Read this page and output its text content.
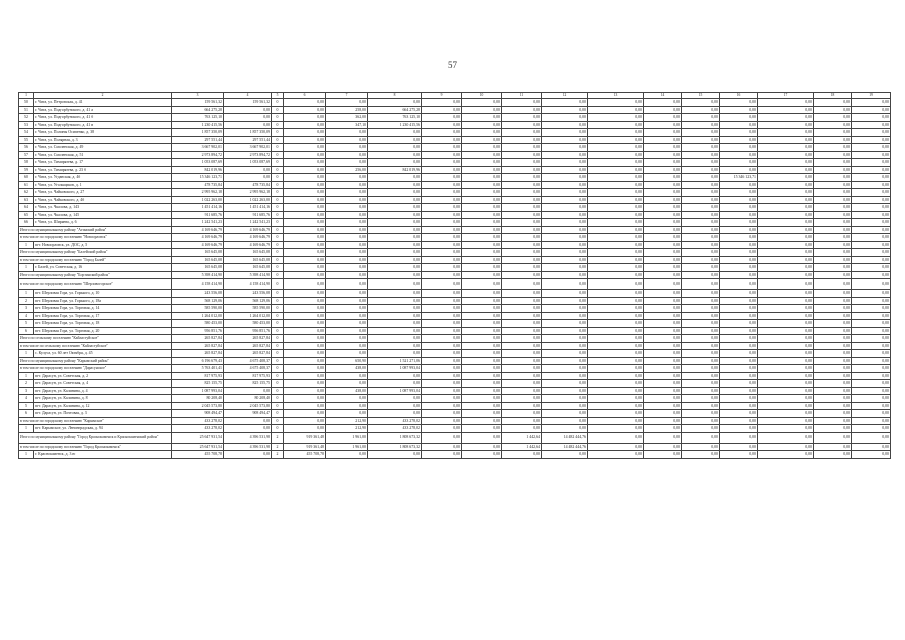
57
1	2	3	4	5	6	7	8	9	10	11	12	13	14	15	16	17	18	19
50	г. Чита, ул. Петровская, д. 41	159 561,32	159 561,32	0	0,00	0,00	0,00	0,00	0,00	0,00	0,00	0,00	0,00	0,00	0,00	0,00	0,00	0,00
51	г. Чита, ул. Подгорбунского, д. 41 а	664 275,28	0,00	0	0,00	258,00	664 275,28	0,00	0,00	0,00	0,00	0,00	0,00	0,00	0,00	0,00	0,00	0,00
52	г. Чита, ул. Подгорбунского, д. 41 б	763 125,10	0,00	0	0,00	362,00	763 125,10	0,00	0,00	0,00	0,00	0,00	0,00	0,00	0,00	0,00	0,00	0,00
53	г. Чита, ул. Подгорбунского, д. 41 в	1 230 415,56	0,00	0	0,00	347,10	1 230 415,56	0,00	0,00	0,00	0,00	0,00	0,00	0,00	0,00	0,00	0,00	0,00
54	г. Чита, ул. Полины Осипенко, д. 38	1 857 350,09	1 857 350,09	0	0,00	0,00	0,00	0,00	0,00	0,00	0,00	0,00	0,00	0,00	0,00	0,00	0,00	0,00
55	г. Чита, ул. Полярная, д. 3	297 551,44	297 551,44	0	0,00	0,00	0,00	0,00	0,00	0,00	0,00	0,00	0,00	0,00	0,00	0,00	0,00	0,00
56	г. Чита, ул. Смоленская, д. 49	3 667 902,01	3 667 902,01	0	0,00	0,00	0,00	0,00	0,00	0,00	0,00	0,00	0,00	0,00	0,00	0,00	0,00	0,00
57	г. Чита, ул. Смоленская, д. 51	2 973 894,72	2 973 894,72	0	0,00	0,00	0,00	0,00	0,00	0,00	0,00	0,00	0,00	0,00	0,00	0,00	0,00	0,00
58	г. Чита, ул. Тимирязева, д. 17	1 053 087,69	1 053 087,69	0	0,00	0,00	0,00	0,00	0,00	0,00	0,00	0,00	0,00	0,00	0,00	0,00	0,00	0,00
59	г. Чита, ул. Тимирязева, д. 23 б	842 019,96	0,00	0	0,00	256,00	842 019,96	0,00	0,00	0,00	0,00	0,00	0,00	0,00	0,00	0,00	0,00	0,00
60	г. Чита, ул. Угданская, д. 4б	15 346 123,71	0,00	0	0,00	0,00	0,00	0,00	0,00	0,00	0,00	0,00	0,00	0,00	15 346 123,71	0,00	0,00	0,00
61	г. Чита, ул. Угольщиков, д. 1	478 735,84	478 735,84	0	0,00	0,00	0,00	0,00	0,00	0,00	0,00	0,00	0,00	0,00	0,00	0,00	0,00	0,00
62	г. Чита, ул. Чайковского, д. 27	2 995 962,18	2 995 962,18	0	0,00	0,00	0,00	0,00	0,00	0,00	0,00	0,00	0,00	0,00	0,00	0,00	0,00	0,00
63	г. Чита, ул. Чайковского, д. 4б	1 022 263,00	1 022 263,00	0	0,00	0,00	0,00	0,00	0,00	0,00	0,00	0,00	0,00	0,00	0,00	0,00	0,00	0,00
64	г. Чита, ул. Чкалова, д. 143	1 451 414,16	1 451 414,16	0	0,00	0,00	0,00	0,00	0,00	0,00	0,00	0,00	0,00	0,00	0,00	0,00	0,00	0,00
65	г. Чита, ул. Чкалова, д. 145	911 685,76	911 685,76	0	0,00	0,00	0,00	0,00	0,00	0,00	0,00	0,00	0,00	0,00	0,00	0,00	0,00	0,00
66	г. Чита, ул. Ширяева, д. 6	1 242 541,23	1 242 541,23	0	0,00	0,00	0,00	0,00	0,00	0,00	0,00	0,00	0,00	0,00	0,00	0,00	0,00	0,00
Итого по муниципальному району "Агинский район"		4 169 646,79	4 169 646,79	0	0,00	0,00	0,00	0,00	0,00	0,00	0,00	0,00	0,00	0,00	0,00	0,00	0,00	0,00
в том числе по городскому поселению "Новоорловск"		4 169 646,79	4 169 646,79	0	0,00	0,00	0,00	0,00	0,00	0,00	0,00	0,00	0,00	0,00	0,00	0,00	0,00	0,00
1	пгт. Новоорловск, ул. ДОС, д. 5	4 169 646,79	4 169 646,79	0	0,00	0,00	0,00	0,00	0,00	0,00	0,00	0,00	0,00	0,00	0,00	0,00	0,00	0,00
Итого по муниципальному району "Балейский район"		165 645,08	165 645,08	0	0,00	0,00	0,00	0,00	0,00	0,00	0,00	0,00	0,00	0,00	0,00	0,00	0,00	0,00
в том числе по городскому поселению "Город Балей"		165 645,08	165 645,08	0	0,00	0,00	0,00	0,00	0,00	0,00	0,00	0,00	0,00	0,00	0,00	0,00	0,00	0,00
1	г. Балей, ул. Советская, д. 16	165 645,08	165 645,08	0	0,00	0,00	0,00	0,00	0,00	0,00	0,00	0,00	0,00	0,00	0,00	0,00	0,00	0,00
Итого по муниципальному району "Борзинский район"		5 398 414,90	5 398 414,90	0	0,00	0,00	0,00	0,00	0,00	0,00	0,00	0,00	0,00	0,00	0,00	0,00	0,00	0,00
в том числе по городскому поселению "Шерловогорское"		4 158 414,90	4 158 414,90	0	0,00	0,00	0,00	0,00	0,00	0,00	0,00	0,00	0,00	0,00	0,00	0,00	0,00	0,00
1	пгт. Шерловая Гора, ул. Горького, д. 10	243 556,08	243 556,08	0	0,00	0,00	0,00	0,00	0,00	0,00	0,00	0,00	0,00	0,00	0,00	0,00	0,00	0,00
2	пгт. Шерловая Гора, ул. Горького, д. 18а	568 129,06	568 129,06	0	0,00	0,00	0,00	0,00	0,00	0,00	0,00	0,00	0,00	0,00	0,00	0,00	0,00	0,00
3	пгт. Шерловая Гора, ул. Торговая, д. 14	585 590,00	585 590,00	0	0,00	0,00	0,00	0,00	0,00	0,00	0,00	0,00	0,00	0,00	0,00	0,00	0,00	0,00
4	пгт. Шерловая Гора, ул. Торговая, д. 17	1 264 012,00	1 264 012,00	0	0,00	0,00	0,00	0,00	0,00	0,00	0,00	0,00	0,00	0,00	0,00	0,00	0,00	0,00
5	пгт. Шерловая Гора, ул. Торговая, д. 18	580 453,00	580 453,00	0	0,00	0,00	0,00	0,00	0,00	0,00	0,00	0,00	0,00	0,00	0,00	0,00	0,00	0,00
6	пгт. Шерловая Гора, ул. Торговая, д. 20	956 851,76	956 851,76	0	0,00	0,00	0,00	0,00	0,00	0,00	0,00	0,00	0,00	0,00	0,00	0,00	0,00	0,00
Итого по сельскому поселению "Кайластуйское"		265 827,84	265 827,84	0	0,00	0,00	0,00	0,00	0,00	0,00	0,00	0,00	0,00	0,00	0,00	0,00	0,00	0,00
в том числе по сельскому поселению "Кайластуйское"		265 827,84	265 827,84	0	0,00	0,00	0,00	0,00	0,00	0,00	0,00	0,00	0,00	0,00	0,00	0,00	0,00	0,00
1	с. Кулуса, ул. 60 лет Октября, д. 45	265 827,84	265 827,84	0	0,00	0,00	0,00	0,00	0,00	0,00	0,00	0,00	0,00	0,00	0,00	0,00	0,00	0,00
Итого по муниципальному району "Карымский район"		6 196 679,43	4 675 408,37	0	0,00	650,90	1 521 271,06	0,00	0,00	0,00	0,00	0,00	0,00	0,00	0,00	0,00	0,00	0,00
в том числе по городскому поселению "Дарасунское"		5 763 401,41	4 675 408,37	0	0,00	438,00	1 087 993,04	0,00	0,00	0,00	0,00	0,00	0,00	0,00	0,00	0,00	0,00	0,00
1	пгт. Дарасун, ул. Советская, д. 2	817 975,93	817 975,93	0	0,00	0,00	0,00	0,00	0,00	0,00	0,00	0,00	0,00	0,00	0,00	0,00	0,00	0,00
2	пгт. Дарасун, ул. Советская, д. 4	825 155,75	825 155,75	0	0,00	0,00	0,00	0,00	0,00	0,00	0,00	0,00	0,00	0,00	0,00	0,00	0,00	0,00
3	пгт. Дарасун, ул. Калинина, д. 4	1 087 993,04	0,00	0	0,00	438,00	1 087 993,04	0,00	0,00	0,00	0,00	0,00	0,00	0,00	0,00	0,00	0,00	0,00
4	пгт. Дарасун, ул. Калинина, д. 8	80 208,40	80 208,40	0	0,00	0,00	0,00	0,00	0,00	0,00	0,00	0,00	0,00	0,00	0,00	0,00	0,00	0,00
5	пгт. Дарасун, ул. Калинина, д. 12	2 045 573,80	2 045 573,80	0	0,00	0,00	0,00	0,00	0,00	0,00	0,00	0,00	0,00	0,00	0,00	0,00	0,00	0,00
6	пгт. Дарасун, ул. Почтовая, д. 3	908 494,47	908 494,47	0	0,00	0,00	0,00	0,00	0,00	0,00	0,00	0,00	0,00	0,00	0,00	0,00	0,00	0,00
в том числе по городскому поселению "Карымское"		433 278,02	0,00	0	0,00	212,90	433 278,02	0,00	0,00	0,00	0,00	0,00	0,00	0,00	0,00	0,00	0,00	0,00
1	пгт. Карымское, ул. Ленинградская, д. 94	433 278,02	0,00	0	0,00	212,90	433 278,02	0,00	0,00	0,00	0,00	0,00	0,00	0,00	0,00	0,00	0,00	0,00
Итого по муниципальному району "Город Краснокаменск и Краснокаменский район"		25 647 931,54	4 396 531,98	2	919 361,48	1 961,00	1 808 673,32	0,00	0,00	1 442,64	14 482 444,76	0,00	0,00	0,00	0,00	0,00	0,00	0,00
в том числе по городскому поселению "Город Краснокаменск"		25 647 931,54	4 396 531,98	2	919 361,48	1 961,00	1 808 673,32	0,00	0,00	1 442,64	14 482 444,76	0,00	0,00	0,00	0,00	0,00	0,00	0,00
1	г. Краснокаменск, д. 3 ю	455 708,78	0,00	2	455 708,78	0,00	0,00	0,00	0,00	0,00	0,00	0,00	0,00	0,00	0,00	0,00	0,00	0,00
